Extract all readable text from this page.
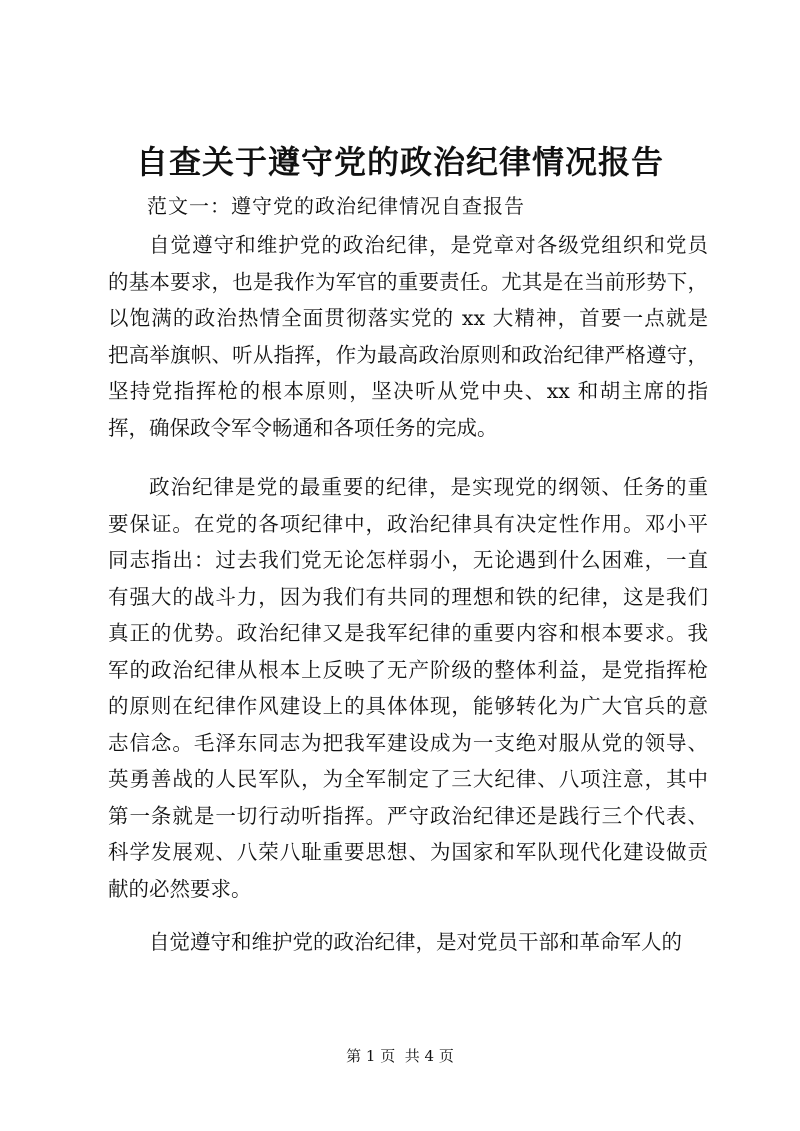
自查关于遵守党的政治纪律情况报告
范文一：遵守党的政治纪律情况自查报告
自觉遵守和维护党的政治纪律，是党章对各级党组织和党员
的基本要求，也是我作为军官的重要责任。尤其是在当前形势下，
以饱满的政治热情全面贯彻落实党的 xx 大精神，首要一点就是
把高举旗帜、听从指挥，作为最高政治原则和政治纪律严格遵守，
坚持党指挥枪的根本原则，坚决听从党中央、xx 和胡主席的指
挥，确保政令军令畅通和各项任务的完成。
政治纪律是党的最重要的纪律，是实现党的纲领、任务的重
要保证。在党的各项纪律中，政治纪律具有决定性作用。邓小平
同志指出：过去我们党无论怎样弱小，无论遇到什么困难，一直
有强大的战斗力，因为我们有共同的理想和铁的纪律，这是我们
真正的优势。政治纪律又是我军纪律的重要内容和根本要求。我
军的政治纪律从根本上反映了无产阶级的整体利益，是党指挥枪
的原则在纪律作风建设上的具体体现，能够转化为广大官兵的意
志信念。毛泽东同志为把我军建设成为一支绝对服从党的领导、
英勇善战的人民军队，为全军制定了三大纪律、八项注意，其中
第一条就是一切行动听指挥。严守政治纪律还是践行三个代表、
科学发展观、八荣八耻重要思想、为国家和军队现代化建设做贡
献的必然要求。
自觉遵守和维护党的政治纪律，是对党员干部和革命军人的
第 1 页  共 4 页
